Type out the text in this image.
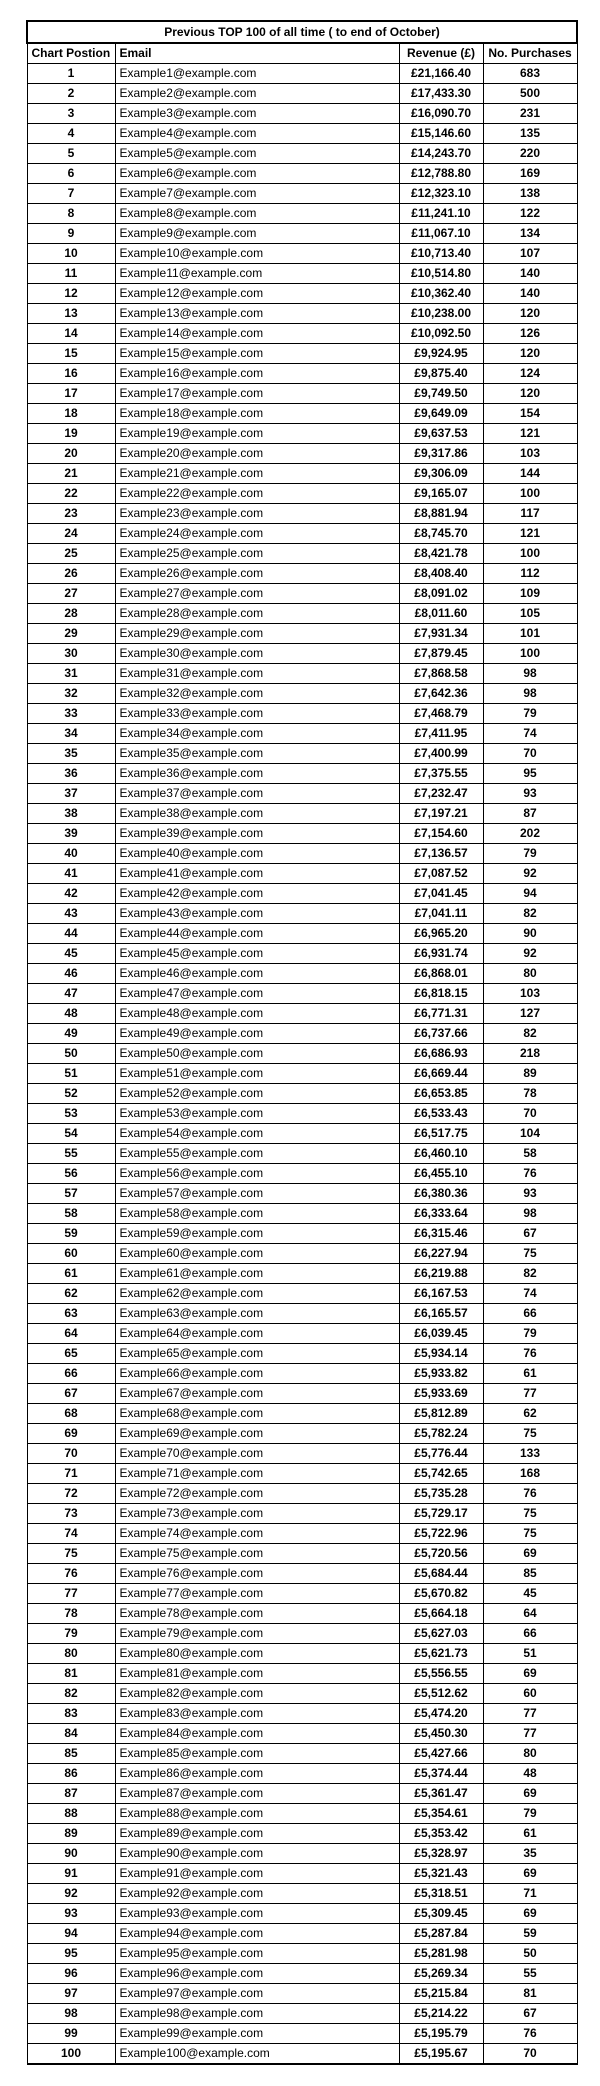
Previous TOP 100 of all time ( to end of October)			
Chart Postion	Email	Revenue (£)	No. Purchases
1	Example1@example.com	£21,166.40	683
2	Example2@example.com	£17,433.30	500
3	Example3@example.com	£16,090.70	231
4	Example4@example.com	£15,146.60	135
5	Example5@example.com	£14,243.70	220
6	Example6@example.com	£12,788.80	169
7	Example7@example.com	£12,323.10	138
8	Example8@example.com	£11,241.10	122
9	Example9@example.com	£11,067.10	134
10	Example10@example.com	£10,713.40	107
11	Example11@example.com	£10,514.80	140
12	Example12@example.com	£10,362.40	140
13	Example13@example.com	£10,238.00	120
14	Example14@example.com	£10,092.50	126
15	Example15@example.com	£9,924.95	120
16	Example16@example.com	£9,875.40	124
17	Example17@example.com	£9,749.50	120
18	Example18@example.com	£9,649.09	154
19	Example19@example.com	£9,637.53	121
20	Example20@example.com	£9,317.86	103
21	Example21@example.com	£9,306.09	144
22	Example22@example.com	£9,165.07	100
23	Example23@example.com	£8,881.94	117
24	Example24@example.com	£8,745.70	121
25	Example25@example.com	£8,421.78	100
26	Example26@example.com	£8,408.40	112
27	Example27@example.com	£8,091.02	109
28	Example28@example.com	£8,011.60	105
29	Example29@example.com	£7,931.34	101
30	Example30@example.com	£7,879.45	100
31	Example31@example.com	£7,868.58	98
32	Example32@example.com	£7,642.36	98
33	Example33@example.com	£7,468.79	79
34	Example34@example.com	£7,411.95	74
35	Example35@example.com	£7,400.99	70
36	Example36@example.com	£7,375.55	95
37	Example37@example.com	£7,232.47	93
38	Example38@example.com	£7,197.21	87
39	Example39@example.com	£7,154.60	202
40	Example40@example.com	£7,136.57	79
41	Example41@example.com	£7,087.52	92
42	Example42@example.com	£7,041.45	94
43	Example43@example.com	£7,041.11	82
44	Example44@example.com	£6,965.20	90
45	Example45@example.com	£6,931.74	92
46	Example46@example.com	£6,868.01	80
47	Example47@example.com	£6,818.15	103
48	Example48@example.com	£6,771.31	127
49	Example49@example.com	£6,737.66	82
50	Example50@example.com	£6,686.93	218
51	Example51@example.com	£6,669.44	89
52	Example52@example.com	£6,653.85	78
53	Example53@example.com	£6,533.43	70
54	Example54@example.com	£6,517.75	104
55	Example55@example.com	£6,460.10	58
56	Example56@example.com	£6,455.10	76
57	Example57@example.com	£6,380.36	93
58	Example58@example.com	£6,333.64	98
59	Example59@example.com	£6,315.46	67
60	Example60@example.com	£6,227.94	75
61	Example61@example.com	£6,219.88	82
62	Example62@example.com	£6,167.53	74
63	Example63@example.com	£6,165.57	66
64	Example64@example.com	£6,039.45	79
65	Example65@example.com	£5,934.14	76
66	Example66@example.com	£5,933.82	61
67	Example67@example.com	£5,933.69	77
68	Example68@example.com	£5,812.89	62
69	Example69@example.com	£5,782.24	75
70	Example70@example.com	£5,776.44	133
71	Example71@example.com	£5,742.65	168
72	Example72@example.com	£5,735.28	76
73	Example73@example.com	£5,729.17	75
74	Example74@example.com	£5,722.96	75
75	Example75@example.com	£5,720.56	69
76	Example76@example.com	£5,684.44	85
77	Example77@example.com	£5,670.82	45
78	Example78@example.com	£5,664.18	64
79	Example79@example.com	£5,627.03	66
80	Example80@example.com	£5,621.73	51
81	Example81@example.com	£5,556.55	69
82	Example82@example.com	£5,512.62	60
83	Example83@example.com	£5,474.20	77
84	Example84@example.com	£5,450.30	77
85	Example85@example.com	£5,427.66	80
86	Example86@example.com	£5,374.44	48
87	Example87@example.com	£5,361.47	69
88	Example88@example.com	£5,354.61	79
89	Example89@example.com	£5,353.42	61
90	Example90@example.com	£5,328.97	35
91	Example91@example.com	£5,321.43	69
92	Example92@example.com	£5,318.51	71
93	Example93@example.com	£5,309.45	69
94	Example94@example.com	£5,287.84	59
95	Example95@example.com	£5,281.98	50
96	Example96@example.com	£5,269.34	55
97	Example97@example.com	£5,215.84	81
98	Example98@example.com	£5,214.22	67
99	Example99@example.com	£5,195.79	76
100	Example100@example.com	£5,195.67	70
